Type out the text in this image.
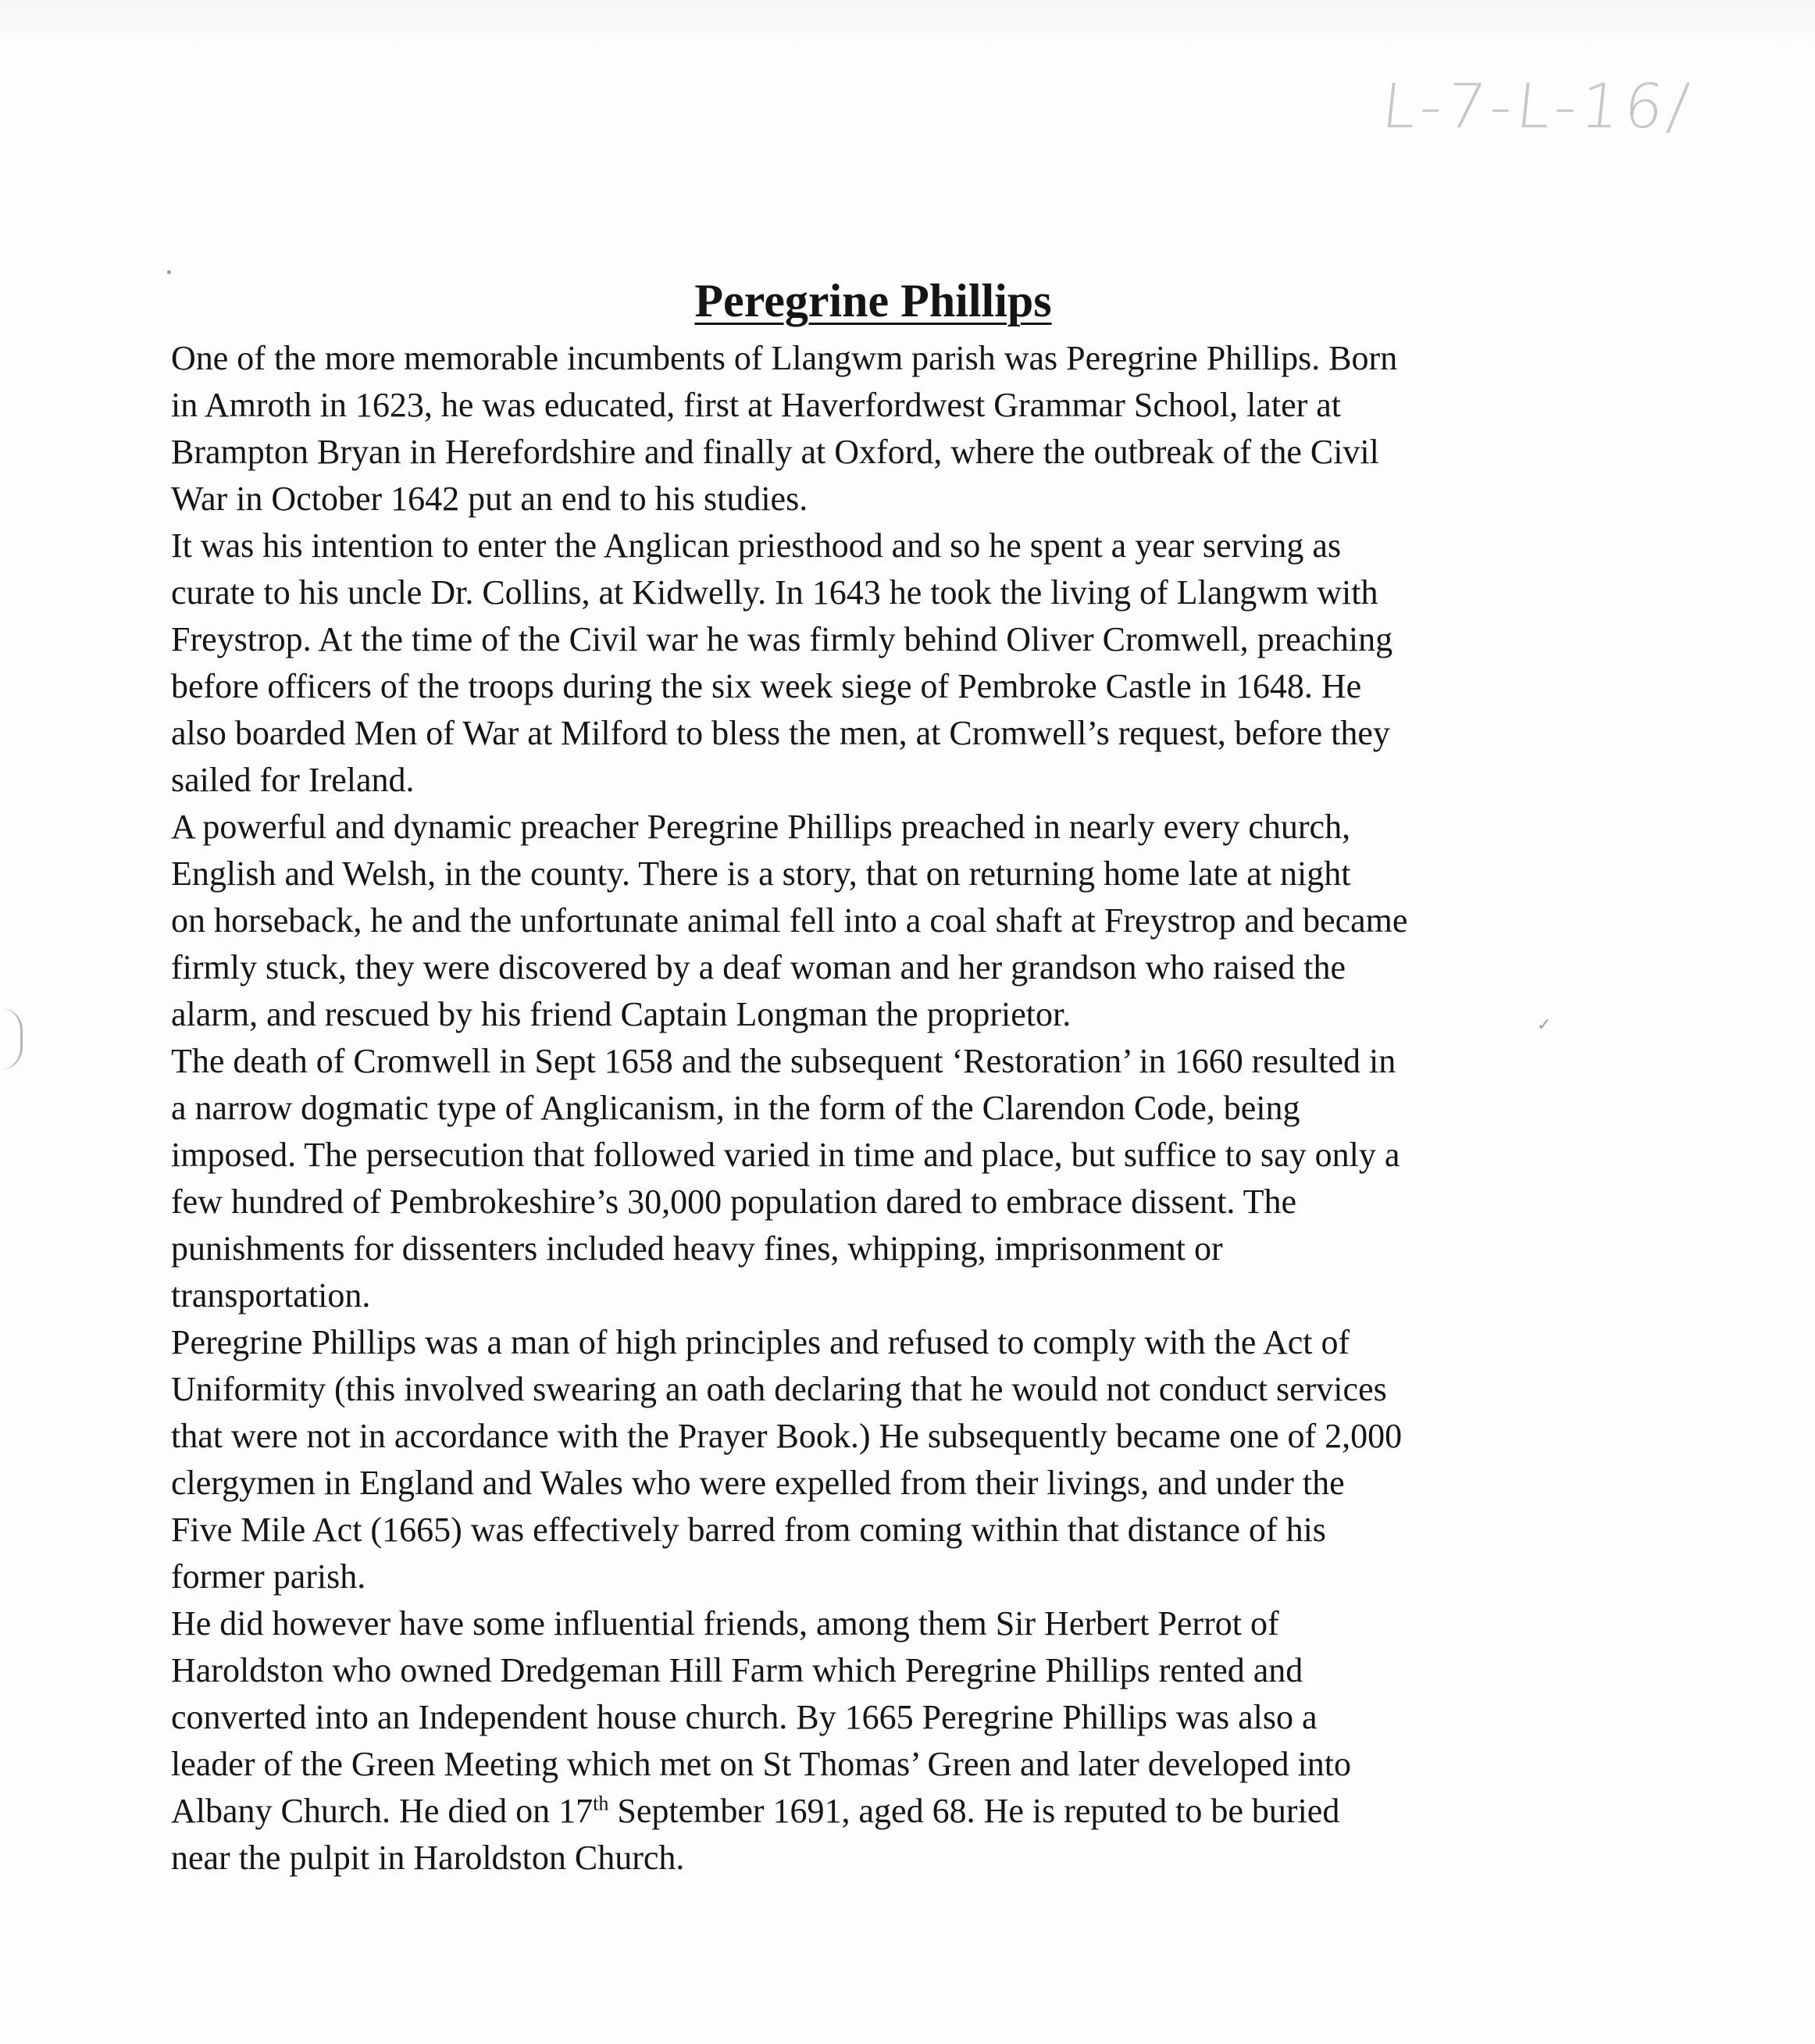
L-7-L-16/

✓

Peregrine Phillips
One of the more memorable incumbents of Llangwm parish was Peregrine Phillips. Born
in Amroth in 1623, he was educated, first at Haverfordwest Grammar School, later at
Brampton Bryan in Herefordshire and finally at Oxford, where the outbreak of the Civil
War in October 1642 put an end to his studies.
It was his intention to enter the Anglican priesthood and so he spent a year serving as
curate to his uncle Dr. Collins, at Kidwelly. In 1643 he took the living of Llangwm with
Freystrop. At the time of the Civil war he was firmly behind Oliver Cromwell, preaching
before officers of the troops during the six week siege of Pembroke Castle in 1648. He
also boarded Men of War at Milford to bless the men, at Cromwell’s request, before they
sailed for Ireland.
A powerful and dynamic preacher Peregrine Phillips preached in nearly every church,
English and Welsh, in the county. There is a story, that on returning home late at night
on horseback, he and the unfortunate animal fell into a coal shaft at Freystrop and became
firmly stuck, they were discovered by a deaf woman and her grandson who raised the
alarm, and rescued by his friend Captain Longman the proprietor.
The death of Cromwell in Sept 1658 and the subsequent ‘Restoration’ in 1660 resulted in
a narrow dogmatic type of Anglicanism, in the form of the Clarendon Code, being
imposed. The persecution that followed varied in time and place, but suffice to say only a
few hundred of Pembrokeshire’s 30,000 population dared to embrace dissent. The
punishments for dissenters included heavy fines, whipping, imprisonment or
transportation.
Peregrine Phillips was a man of high principles and refused to comply with the Act of
Uniformity (this involved swearing an oath declaring that he would not conduct services
that were not in accordance with the Prayer Book.) He subsequently became one of 2,000
clergymen in England and Wales who were expelled from their livings, and under the
Five Mile Act (1665) was effectively barred from coming within that distance of his
former parish.
He did however have some influential friends, among them Sir Herbert Perrot of
Haroldston who owned Dredgeman Hill Farm which Peregrine Phillips rented and
converted into an Independent house church. By 1665 Peregrine Phillips was also a
leader of the Green Meeting which met on St Thomas’ Green and later developed into
Albany Church. He died on 17th September 1691, aged 68. He is reputed to be buried
near the pulpit in Haroldston Church.
